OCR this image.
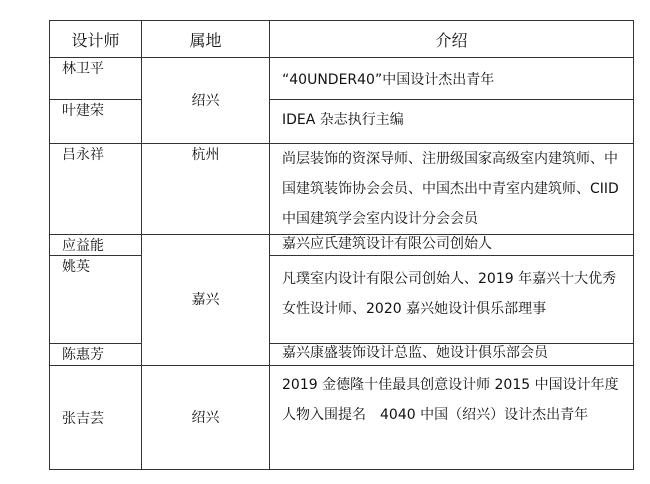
设计师	属地	介绍
林卫平	绍兴	“40UNDER40”中国设计杰出青年

叶建荣		IDEA 杂志执行主编

吕永祥	杭州	尚层装饰的资深导师、注册级国家高级室内建筑师、中国建筑装饰协会会员、中国杰出中青室内建筑师、CIID 中国建筑学会室内设计分会会员

应益能	嘉兴	嘉兴应氏建筑设计有限公司创始人

姚英		凡璞室内设计有限公司创始人、2019 年嘉兴十大优秀女性设计师、2020 嘉兴她设计俱乐部理事

陈惠芳		嘉兴康盛装饰设计总监、她设计俱乐部会员

张吉芸	绍兴	2019 金德隆十佳最具创意设计师 2015 中国设计年度人物入围提名　4040 中国（绍兴）设计杰出青年
